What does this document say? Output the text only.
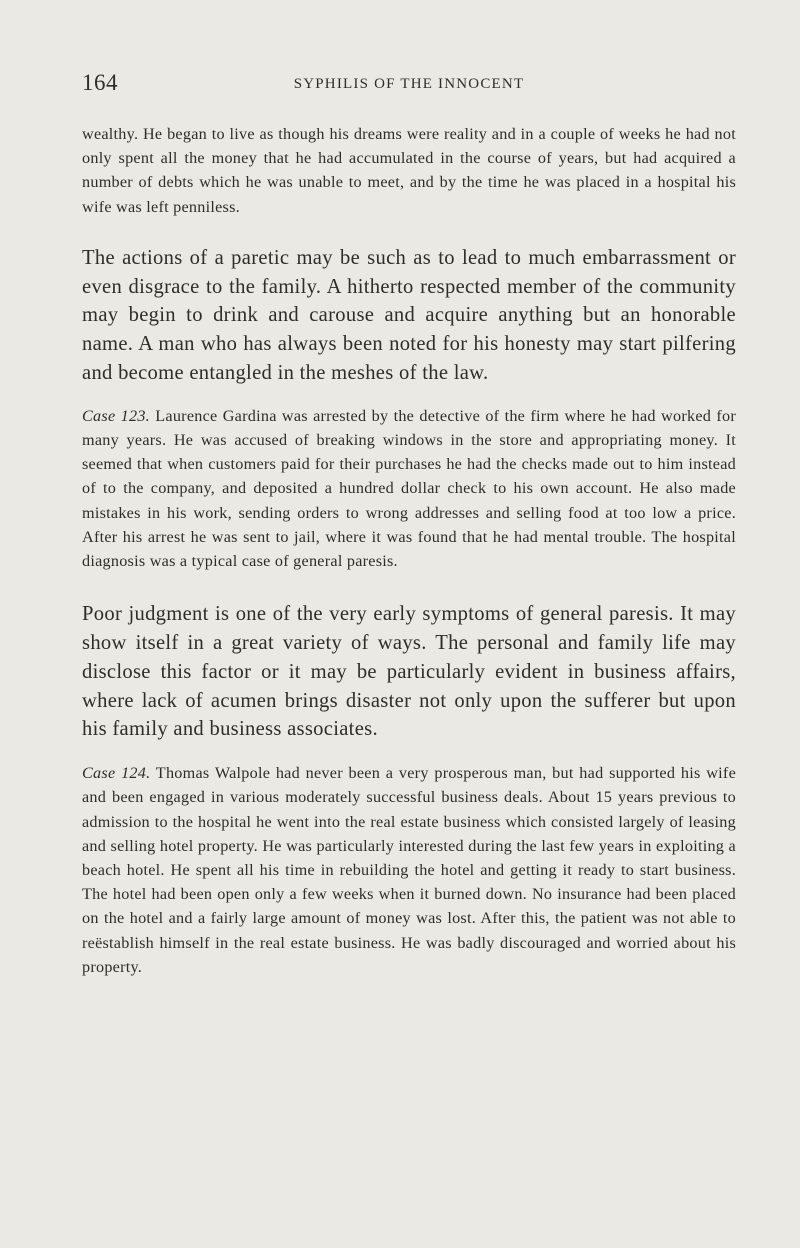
164	SYPHILIS OF THE INNOCENT

wealthy. He began to live as though his dreams were reality and in a couple of weeks he had not only spent all the money that he had accumulated in the course of years, but had acquired a number of debts which he was unable to meet, and by the time he was placed in a hospital his wife was left penniless.

The actions of a paretic may be such as to lead to much embarrassment or even disgrace to the family. A hitherto respected member of the community may begin to drink and carouse and acquire anything but an honorable name. A man who has always been noted for his honesty may start pilfering and become entangled in the meshes of the law.

Case 123. Laurence Gardina was arrested by the detective of the firm where he had worked for many years. He was accused of breaking windows in the store and appropriating money. It seemed that when customers paid for their purchases he had the checks made out to him instead of to the company, and deposited a hundred dollar check to his own account. He also made mistakes in his work, sending orders to wrong addresses and selling food at too low a price. After his arrest he was sent to jail, where it was found that he had mental trouble. The hospital diagnosis was a typical case of general paresis.

Poor judgment is one of the very early symptoms of general paresis. It may show itself in a great variety of ways. The personal and family life may disclose this factor or it may be particularly evident in business affairs, where lack of acumen brings disaster not only upon the sufferer but upon his family and business associates.

Case 124. Thomas Walpole had never been a very prosperous man, but had supported his wife and been engaged in various moderately successful business deals. About 15 years previous to admission to the hospital he went into the real estate business which consisted largely of leasing and selling hotel property. He was particularly interested during the last few years in exploiting a beach hotel. He spent all his time in rebuilding the hotel and getting it ready to start business. The hotel had been open only a few weeks when it burned down. No insurance had been placed on the hotel and a fairly large amount of money was lost. After this, the patient was not able to reëstablish himself in the real estate business. He was badly discouraged and worried about his property.
